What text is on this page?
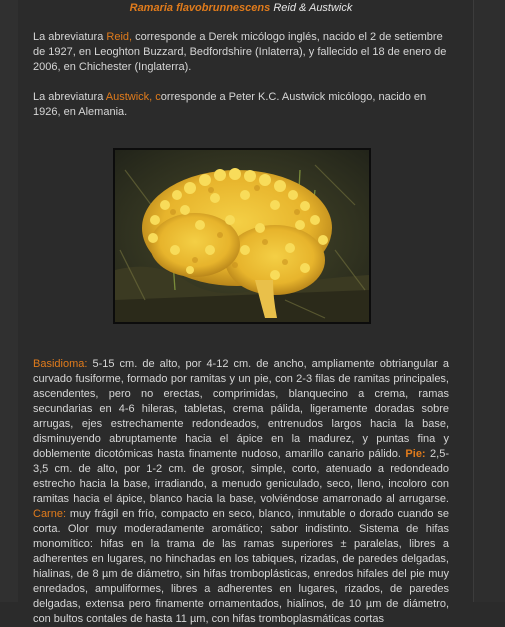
Ramaria flavobrunnescens Reid & Austwick

La abreviatura Reid, corresponde a Derek micólogo inglés, nacido el 2 de setiembre de 1927, en Leoghton Buzzard, Bedfordshire (Inlaterra), y fallecido el 18 de enero de 2006, en Chichester (Inglaterra).

La abreviatura Austwick, corresponde a Peter K.C. Austwick micólogo, nacido en 1926, en Alemania.

Basidioma: 5-15 cm. de alto, por 4-12 cm. de ancho, ampliamente obtriangular a curvado fusiforme, formado por ramitas y un pie, con 2-3 filas de ramitas principales, ascendentes, pero no erectas, comprimidas, blanquecino a crema, ramas secundarias en 4-6 hileras, tabletas, crema pálida, ligeramente doradas sobre arrugas, ejes estrechamente redondeados, entrenudos largos hacia la base, disminuyendo abruptamente hacia el ápice en la madurez, y puntas fina y doblemente dicotómicas hasta finamente nudoso, amarillo canario pálido. Pie: 2,5-3,5 cm. de alto, por 1-2 cm. de grosor, simple, corto, atenuado a redondeado estrecho hacia la base, irradiando, a menudo geniculado, seco, lleno, incoloro con ramitas hacia el ápice, blanco hacia la base, volviéndose amarronado al arrugarse. Carne: muy frágil en frío, compacto en seco, blanco, inmutable o dorado cuando se corta. Olor muy moderadamente aromático; sabor indistinto. Sistema de hifas monomítico: hifas en la trama de las ramas superiores ± paralelas, libres a adherentes en lugares, no hinchadas en los tabiques, rizadas, de paredes delgadas, hialinas, de 8 µm de diámetro, sin hifas tromboplásticas, enredos hifales del pie muy enredados, ampuliformes, libres a adherentes en lugares, rizados, de paredes delgadas, extensa pero finamente ornamentados, hialinos, de 10 µm de diámetro, con bultos contales de hasta 11 µm, con hifas tromboplasmáticas cortas
